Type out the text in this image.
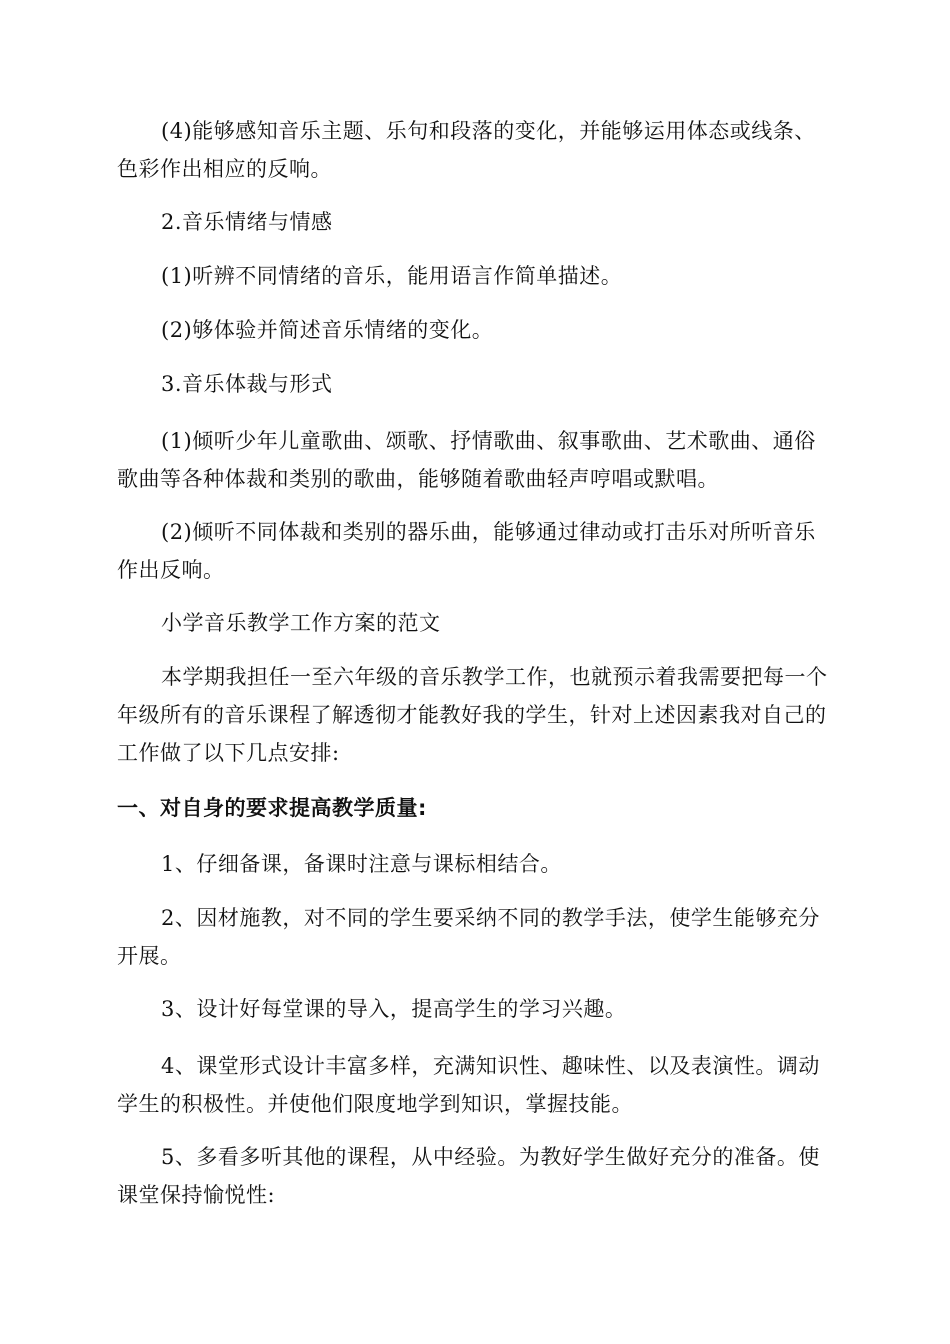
(4)能够感知音乐主题、乐句和段落的变化，并能够运用体态或线条、色彩作出相应的反响。

2.音乐情绪与情感

(1)听辨不同情绪的音乐，能用语言作简单描述。

(2)够体验并简述音乐情绪的变化。

3.音乐体裁与形式

(1)倾听少年儿童歌曲、颂歌、抒情歌曲、叙事歌曲、艺术歌曲、通俗歌曲等各种体裁和类别的歌曲，能够随着歌曲轻声哼唱或默唱。

(2)倾听不同体裁和类别的器乐曲，能够通过律动或打击乐对所听音乐作出反响。

小学音乐教学工作方案的范文

本学期我担任一至六年级的音乐教学工作，也就预示着我需要把每一个年级所有的音乐课程了解透彻才能教好我的学生，针对上述因素我对自己的工作做了以下几点安排:

一、对自身的要求提高教学质量:

1、仔细备课，备课时注意与课标相结合。

2、因材施教，对不同的学生要采纳不同的教学手法，使学生能够充分开展。

3、设计好每堂课的导入，提高学生的学习兴趣。

4、课堂形式设计丰富多样，充满知识性、趣味性、以及表演性。调动学生的积极性。并使他们限度地学到知识，掌握技能。

5、多看多听其他的课程，从中经验。为教好学生做好充分的准备。使课堂保持愉悦性:
